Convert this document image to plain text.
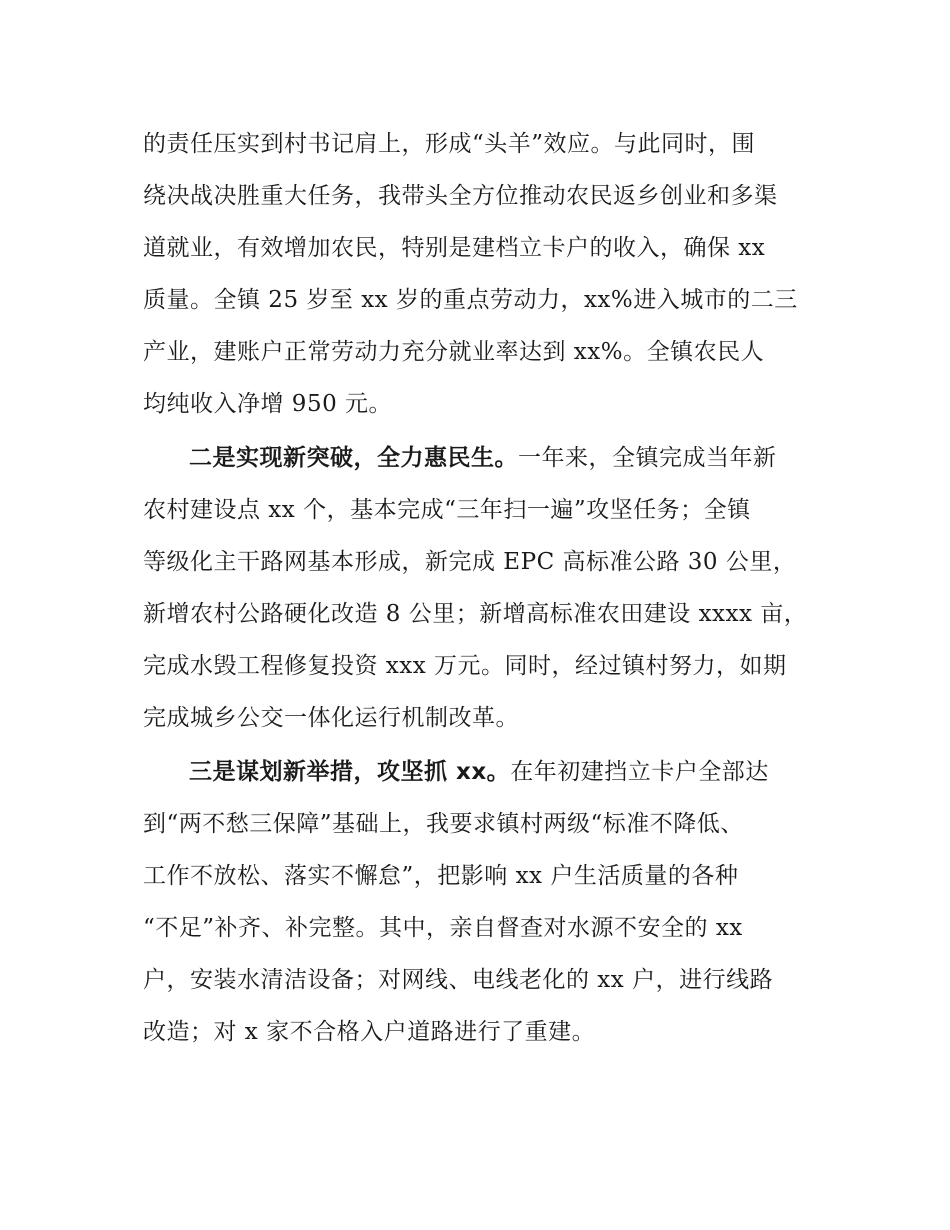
的责任压实到村书记肩上，形成“头羊”效应。与此同时，围
绕决战决胜重大任务，我带头全方位推动农民返乡创业和多渠
道就业，有效增加农民，特别是建档立卡户的收入，确保 xx
质量。全镇 25 岁至 xx 岁的重点劳动力，xx%进入城市的二三
产业，建账户正常劳动力充分就业率达到 xx%。全镇农民人
均纯收入净增 950 元。
二是实现新突破，全力惠民生。一年来，全镇完成当年新
农村建设点 xx 个，基本完成“三年扫一遍”攻坚任务；全镇
等级化主干路网基本形成，新完成 EPC 高标准公路 30 公里，
新增农村公路硬化改造 8 公里；新增高标准农田建设 xxxx 亩，
完成水毁工程修复投资 xxx 万元。同时，经过镇村努力，如期
完成城乡公交一体化运行机制改革。
三是谋划新举措，攻坚抓 xx。在年初建挡立卡户全部达
到“两不愁三保障”基础上，我要求镇村两级“标准不降低、
工作不放松、落实不懈怠”，把影响 xx 户生活质量的各种
“不足”补齐、补完整。其中，亲自督查对水源不安全的 xx
户，安装水清洁设备；对网线、电线老化的 xx 户，进行线路
改造；对 x 家不合格入户道路进行了重建。
